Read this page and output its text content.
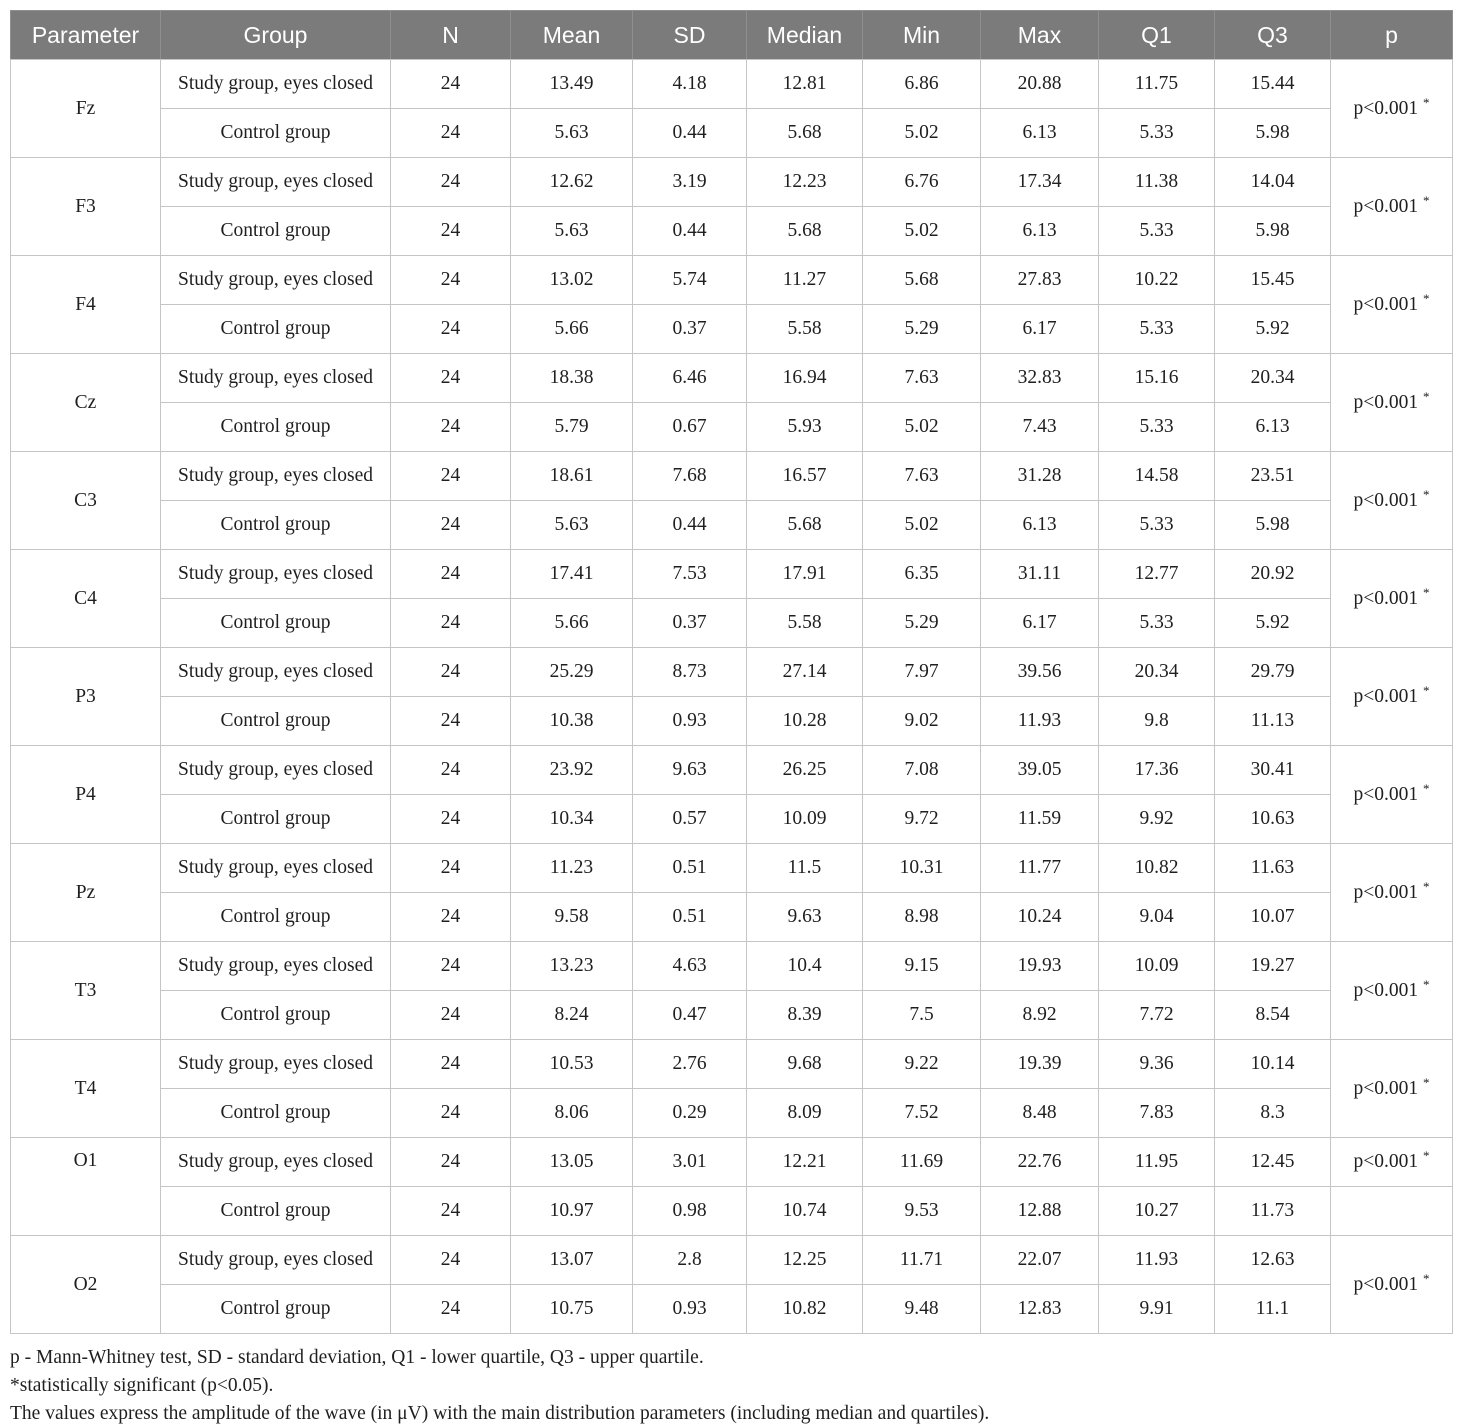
Parameter	Group	N	Mean	SD	Median	Min	Max	Q1	Q3	p
Fz	Study group, eyes closed	24	13.49	4.18	12.81	6.86	20.88	11.75	15.44	p<0.001 *
	Control group	24	5.63	0.44	5.68	5.02	6.13	5.33	5.98	
F3	Study group, eyes closed	24	12.62	3.19	12.23	6.76	17.34	11.38	14.04	p<0.001 *
	Control group	24	5.63	0.44	5.68	5.02	6.13	5.33	5.98	
F4	Study group, eyes closed	24	13.02	5.74	11.27	5.68	27.83	10.22	15.45	p<0.001 *
	Control group	24	5.66	0.37	5.58	5.29	6.17	5.33	5.92	
Cz	Study group, eyes closed	24	18.38	6.46	16.94	7.63	32.83	15.16	20.34	p<0.001 *
	Control group	24	5.79	0.67	5.93	5.02	7.43	5.33	6.13	
C3	Study group, eyes closed	24	18.61	7.68	16.57	7.63	31.28	14.58	23.51	p<0.001 *
	Control group	24	5.63	0.44	5.68	5.02	6.13	5.33	5.98	
C4	Study group, eyes closed	24	17.41	7.53	17.91	6.35	31.11	12.77	20.92	p<0.001 *
	Control group	24	5.66	0.37	5.58	5.29	6.17	5.33	5.92	
P3	Study group, eyes closed	24	25.29	8.73	27.14	7.97	39.56	20.34	29.79	p<0.001 *
	Control group	24	10.38	0.93	10.28	9.02	11.93	9.8	11.13	
P4	Study group, eyes closed	24	23.92	9.63	26.25	7.08	39.05	17.36	30.41	p<0.001 *
	Control group	24	10.34	0.57	10.09	9.72	11.59	9.92	10.63	
Pz	Study group, eyes closed	24	11.23	0.51	11.5	10.31	11.77	10.82	11.63	p<0.001 *
	Control group	24	9.58	0.51	9.63	8.98	10.24	9.04	10.07	
T3	Study group, eyes closed	24	13.23	4.63	10.4	9.15	19.93	10.09	19.27	p<0.001 *
	Control group	24	8.24	0.47	8.39	7.5	8.92	7.72	8.54	
T4	Study group, eyes closed	24	10.53	2.76	9.68	9.22	19.39	9.36	10.14	p<0.001 *
	Control group	24	8.06	0.29	8.09	7.52	8.48	7.83	8.3	
O1	Study group, eyes closed	24	13.05	3.01	12.21	11.69	22.76	11.95	12.45	p<0.001 *
	Control group	24	10.97	0.98	10.74	9.53	12.88	10.27	11.73	
O2	Study group, eyes closed	24	13.07	2.8	12.25	11.71	22.07	11.93	12.63	p<0.001 *
	Control group	24	10.75	0.93	10.82	9.48	12.83	9.91	11.1	
p - Mann-Whitney test, SD - standard deviation, Q1 - lower quartile, Q3 - upper quartile.
*statistically significant (p<0.05).
The values express the amplitude of the wave (in μV) with the main distribution parameters (including median and quartiles).
